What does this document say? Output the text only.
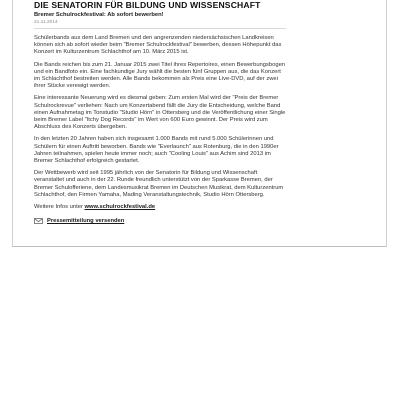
DIE SENATORIN FÜR BILDUNG UND WISSENSCHAFT
Bremer Schulrockfestival: Ab sofort bewerben!
21.11.2014

Schülerbands aus dem Land Bremen und den angrenzenden niedersächsischen Landkreisen können sich ab sofort wieder beim "Bremer Schulrockfestival" bewerben, dessen Höhepunkt das Konzert im Kulturzentrum Schlachthof am 10. März 2015 ist.

Die Bands reichen bis zum 21. Januar 2015 zwei Titel ihres Repertoires, einen Bewerbungsbogen und ein Bandfoto ein. Eine fachkundige Jury wählt die besten fünf Gruppen aus, die das Konzert im Schlachthof bestreiten werden. Alle Bands bekommen als Preis eine Live-DVD, auf der zwei ihrer Stücke verewigt werden.

Eine interessante Neuerung wird es diesmal geben: Zum ersten Mal wird der "Preis der Bremer Schulrockrevue" verliehen: Nach um Konzertabend fällt die Jury die Entscheidung, welche Band einen Aufnahmetag im Tonstudio "Studio Hörn" in Ottersberg und die Veröffentlichung einer Single beim Bremer Label "Itchy Dog Records" im Wert von 600 Euro gewinnt. Der Preis wird zum Abschluss des Konzerts übergeben.

In den letzten 20 Jahren haben sich insgesamt 1.000 Bands mit rund 5.000 Schülerinnen und Schülern für einen Auftritt beworben. Bands wie "Everlaunch" aus Rotenburg, die in den 1990er Jahren teilnahmen, spielen heute immer noch; auch "Cooling Louis" aus Achim sind 2013 im Bremer Schlachthof erfolgreich gestartet.

Der Wettbewerb wird seit 1995 jährlich von der Senatorin für Bildung und Wissenschaft veranstaltet und auch in der 22. Runde freundlich unterstützt von der Sparkasse Bremen, der Bremer Schulofferiene, dem Landesmusikrat Bremen im Deutschen Musikrat, dem Kulturzentrum Schlachthof, den Firmen Yamaha, Mading Veranstaltungstechnik, Studio Hörn Ottersberg.

Weitere Infos unter www.schulrockfestival.de

Pressemitteilung versenden
